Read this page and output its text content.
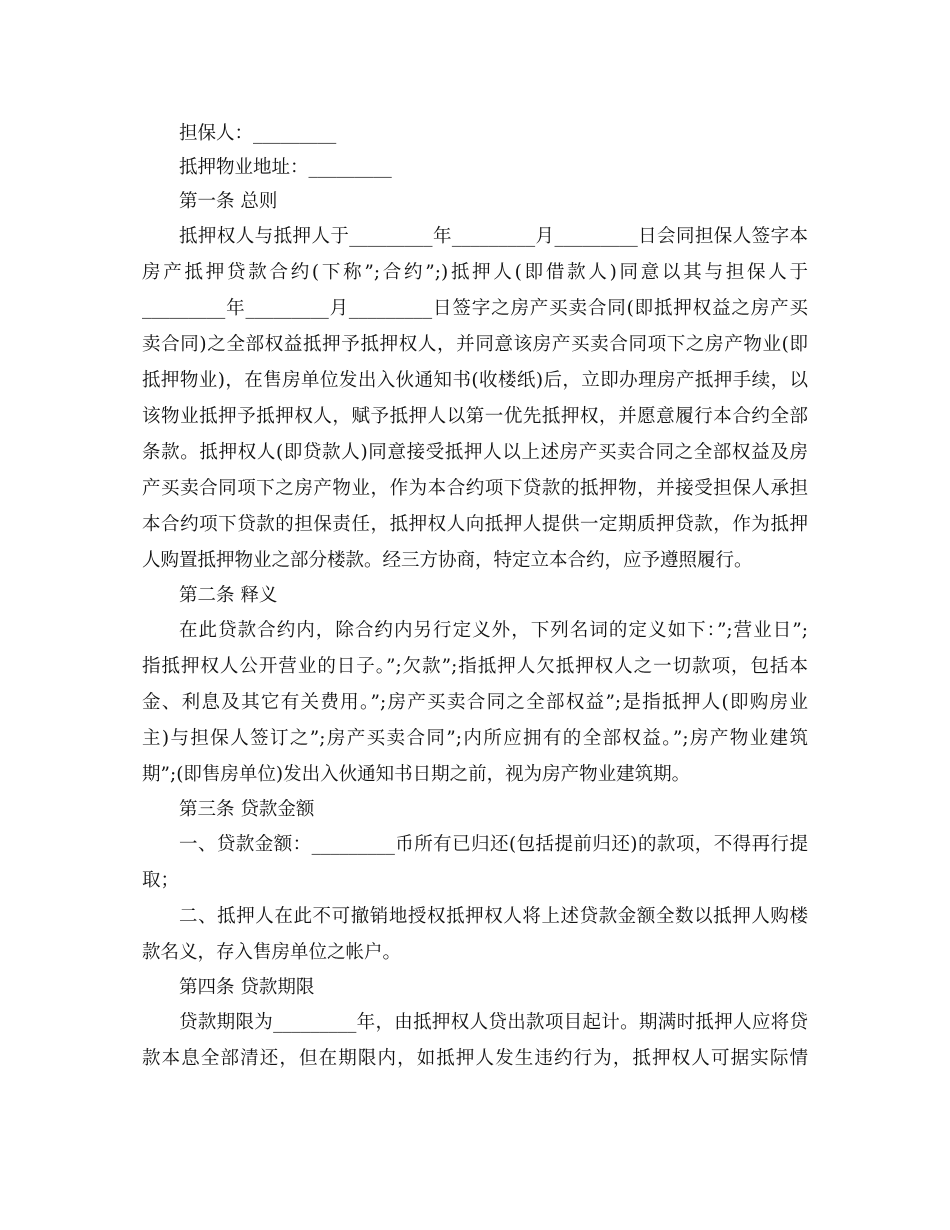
担保人：_________
抵押物业地址：_________
第一条 总则
抵押权人与抵押人于_________年_________月_________日会同担保人签字本
房产抵押贷款合约(下称”;合约”;)抵押人(即借款人)同意以其与担保人于
_________年_________月_________日签字之房产买卖合同(即抵押权益之房产买
卖合同)之全部权益抵押予抵押权人，并同意该房产买卖合同项下之房产物业(即
抵押物业)，在售房单位发出入伙通知书(收楼纸)后，立即办理房产抵押手续，以
该物业抵押予抵押权人，赋予抵押人以第一优先抵押权，并愿意履行本合约全部
条款。抵押权人(即贷款人)同意接受抵押人以上述房产买卖合同之全部权益及房
产买卖合同项下之房产物业，作为本合约项下贷款的抵押物，并接受担保人承担
本合约项下贷款的担保责任，抵押权人向抵押人提供一定期质押贷款，作为抵押
人购置抵押物业之部分楼款。经三方协商，特定立本合约，应予遵照履行。
第二条 释义
在此贷款合约内，除合约内另行定义外，下列名词的定义如下：”;营业日”;
指抵押权人公开营业的日子。”;欠款”;指抵押人欠抵押权人之一切款项，包括本
金、利息及其它有关费用。”;房产买卖合同之全部权益”;是指抵押人(即购房业
主)与担保人签订之”;房产买卖合同”;内所应拥有的全部权益。”;房产物业建筑
期”;(即售房单位)发出入伙通知书日期之前，视为房产物业建筑期。
第三条 贷款金额
一、贷款金额：_________币所有已归还(包括提前归还)的款项，不得再行提
取；
二、抵押人在此不可撤销地授权抵押权人将上述贷款金额全数以抵押人购楼
款名义，存入售房单位之帐户。
第四条 贷款期限
贷款期限为_________年，由抵押权人贷出款项目起计。期满时抵押人应将贷
款本息全部清还，但在期限内，如抵押人发生违约行为，抵押权人可据实际情
